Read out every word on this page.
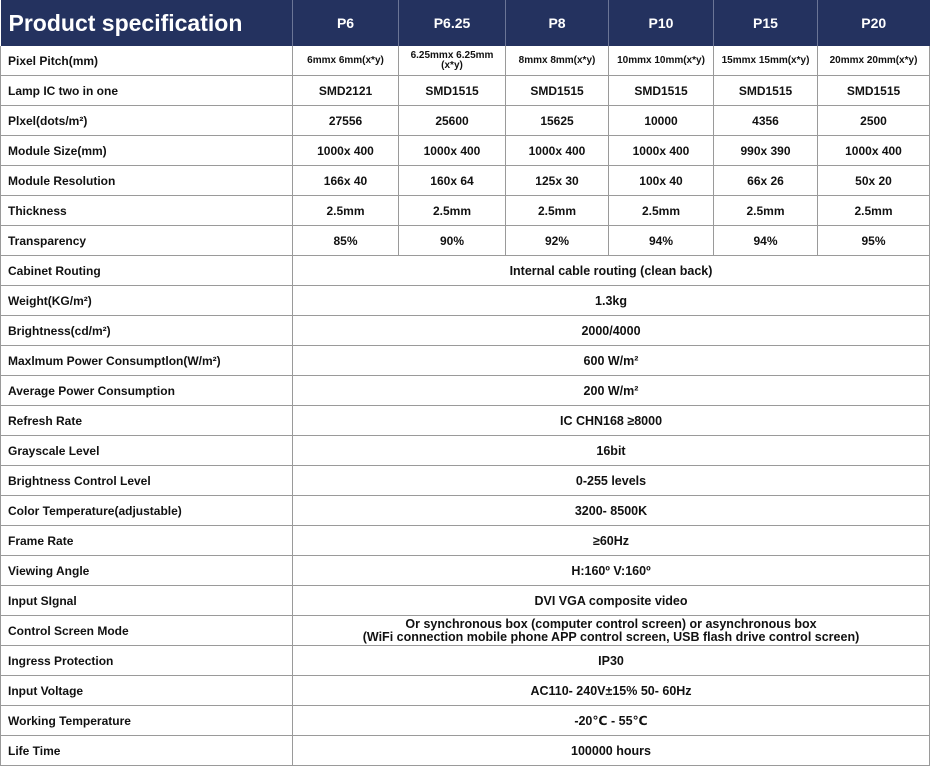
Product specification	P6	P6.25	P8	P10	P15	P20
Pixel Pitch(mm)	6mmx 6mm(x*y)	6.25mmx 6.25mm (x*y)	8mmx 8mm(x*y)	10mmx 10mm(x*y)	15mmx 15mm(x*y)	20mmx 20mm(x*y)
Lamp IC two in one	SMD2121	SMD1515	SMD1515	SMD1515	SMD1515	SMD1515
Plxel(dots/m²)	27556	25600	15625	10000	4356	2500
Module Size(mm)	1000x 400	1000x 400	1000x 400	1000x 400	990x 390	1000x 400
Module Resolution	166x 40	160x 64	125x 30	100x 40	66x 26	50x 20
Thickness	2.5mm	2.5mm	2.5mm	2.5mm	2.5mm	2.5mm
Transparency	85%	90%	92%	94%	94%	95%
Cabinet Routing	Internal cable routing (clean back)					
Weight(KG/m²)	1.3kg					
Brightness(cd/m²)	2000/4000					
Maxlmum Power Consumptlon(W/m²)	600 W/m²					
Average Power Consumption	200 W/m²					
Refresh Rate	IC CHN168 ≥8000					
Grayscale Level	16bit					
Brightness Control Level	0-255 levels					
Color Temperature(adjustable)	3200- 8500K					
Frame Rate	≥60Hz					
Viewing Angle	H:160º V:160º					
Input SIgnal	DVI VGA composite video					
Control Screen Mode	Or synchronous box (computer control screen) or asynchronous box
(WiFi connection mobile phone APP control screen, USB flash drive control screen)					

Ingress Protection	IP30					
Input Voltage	AC110- 240V±15% 50- 60Hz					
Working Temperature	-20℃ - 55℃					
Life Time	100000 hours					
